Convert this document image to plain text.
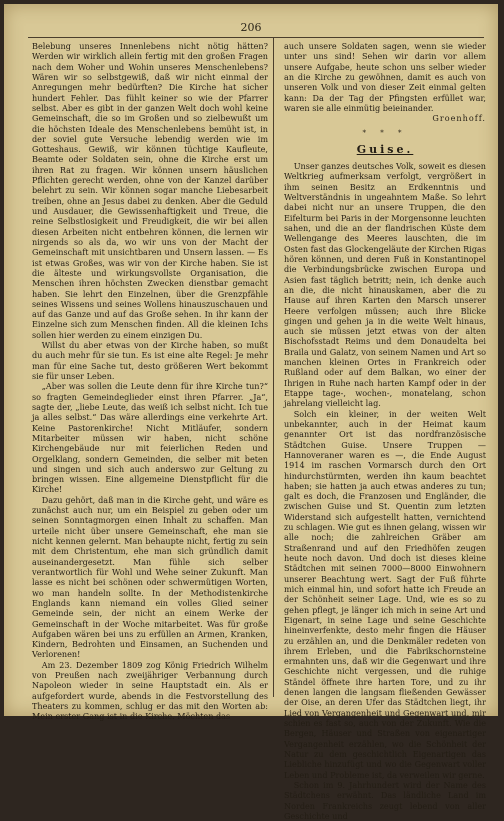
206

Belebung unseres Innenlebens nicht nötig hätten? Werden wir wirklich allein fertig mit den großen Fragen nach dem Woher und Wohin unseres Menschenlebens? Wären wir so selbstgewiß, daß wir nicht einmal der Anregungen mehr bedürften? Die Kirche hat sicher hundert Fehler. Das fühlt keiner so wie der Pfarrer selbst. Aber es gibt in der ganzen Welt doch wohl keine Gemeinschaft, die so im Großen und so zielbewußt um die höchsten Ideale des Menschenlebens bemüht ist, in der soviel gute Versuche lebendig werden wie im Gotteshaus. Gewiß, wir können tüchtige Kaufleute, Beamte oder Soldaten sein, ohne die Kirche erst um ihren Rat zu fragen. Wir können unsern häuslichen Pflichten gerecht werden, ohne von der Kanzel darüber belehrt zu sein. Wir können sogar manche Liebesarbeit treiben, ohne an Jesus dabei zu denken. Aber die Geduld und Ausdauer, die Gewissenhaftigkeit und Treue, die reine Selbstlosigkeit und Freudigkeit, die wir bei allen diesen Arbeiten nicht entbehren können, die lernen wir nirgends so als da, wo wir uns von der Macht der Gemeinschaft mit unsichtbaren und Unsern lassen. — Es ist etwas Großes, was wir von der Kirche haben. Sie ist die älteste und wirkungsvollste Organisation, die Menschen ihren höchsten Zwecken dienstbar gemacht haben. Sie lehrt den Einzelnen, über die Grenzpfähle seines Wissens und seines Wollens hinauszuschauen und auf das Ganze und auf das Große sehen. In ihr kann der Einzelne sich zum Menschen finden. All die kleinen Ichs sollen hier werden zu einem einzigen Du.

Willst du aber etwas von der Kirche haben, so mußt du auch mehr für sie tun. Es ist eine alte Regel: Je mehr man für eine Sache tut, desto größeren Wert bekommt sie für unser Leben.

„Aber was sollen die Leute denn für ihre Kirche tun?“ so fragten Gemeindeglieder einst ihren Pfarrer. „Ja“, sagte der, „liebe Leute, das weiß ich selbst nicht. Ich tue ja alles selbst.“ Das wäre allerdings eine verkehrte Art. Keine Pastorenkirche! Nicht Mitläufer, sondern Mitarbeiter müssen wir haben, nicht schöne Kirchengebäude nur mit feierlichen Reden und Orgelklang, sondern Gemeinden, die selber mit beten und singen und sich auch anderswo zur Geltung zu bringen wissen. Eine allgemeine Dienstpflicht für die Kirche!

Dazu gehört, daß man in die Kirche geht, und wäre es zunächst auch nur, um ein Beispiel zu geben oder um seinen Sonntagmorgen einen Inhalt zu schaffen. Man urteile nicht über unsere Gemeinschaft, ehe man sie nicht kennen gelernt. Man behaupte nicht, fertig zu sein mit dem Christentum, ehe man sich gründlich damit auseinandergesetzt. Man fühle sich selber verantwortlich für Wohl und Wehe seiner Zukunft. Man lasse es nicht bei schönen oder schwermütigen Worten, wo man handeln sollte. In der Methodistenkirche Englands kann niemand ein volles Glied seiner Gemeinde sein, der nicht an einem Werke der Gemeinschaft in der Woche mitarbeitet. Was für große Aufgaben wären bei uns zu erfüllen an Armen, Kranken, Kindern, Bedrohten und Einsamen, an Suchenden und Verlorenen!

Am 23. Dezember 1809 zog König Friedrich Wilhelm von Preußen nach zweijähriger Verbannung durch Napoleon wieder in seine Hauptstadt ein. Als er aufgefordert wurde, abends in die Festvorstellung des Theaters zu kommen, schlug er das mit den Worten ab: Mein erster Gang ist in die Kirche. Möchten das

auch unsere Soldaten sagen, wenn sie wieder unter uns sind! Sehen wir darin vor allem unsere Aufgabe, heute schon uns selber wieder an die Kirche zu gewöhnen, damit es auch von unseren Volk und von dieser Zeit einmal gelten kann: Da der Tag der Pfingsten erfüllet war, waren sie alle einmütig beieinander.

Groenhoff.

* * *
Guise.

Unser ganzes deutsches Volk, soweit es diesen Weltkrieg aufmerksam verfolgt, vergrößert in ihm seinen Besitz an Erdkenntnis und Weltverständnis in ungeahntem Maße. So lehrt dabei nicht nur an unsere Truppen, die den Eifelturm bei Paris in der Morgensonne leuchten sahen, und die an der flandrischen Küste dem Wellengange des Meeres lauschten, die im Osten fast das Glockengeläute der Kirchen Rigas hören können, und deren Fuß in Konstantinopel die Verbindungsbrücke zwischen Europa und Asien fast täglich betritt; nein, ich denke auch an die, die nicht hinauskamen, aber die zu Hause auf ihren Karten den Marsch unserer Heere verfolgen müssen; auch ihre Blicke gingen und gehen ja in die weite Welt hinaus, auch sie müssen jetzt etwas von der alten Bischofsstadt Reims und dem Donaudelta bei Braila und Galatz, von seinem Namen und Art so manchen kleinen Ortes in Frankreich oder Rußland oder auf dem Balkan, wo einer der Ihrigen in Ruhe nach harten Kampf oder in der Etappe tage-, wochen-, monatelang, schon jahrelang vielleicht lag.

Solch ein kleiner, in der weiten Welt unbekannter, auch in der Heimat kaum genannter Ort ist das nordfranzösische Städtchen Guise. Unsere Truppen — Hannoveraner waren es —, die Ende August 1914 im raschen Vormarsch durch den Ort hindurchstürmten, werden ihn kaum beachtet haben; sie hatten ja auch etwas anderes zu tun; galt es doch, die Franzosen und Engländer, die zwischen Guise und St. Quentin zum letzten Widerstand sich aufgestellt hatten, vernichtend zu schlagen. Wie gut es ihnen gelang, wissen wir alle noch; die zahlreichen Gräber am Straßenrand und auf den Friedhöfen zeugen heute noch davon. Und doch ist dieses kleine Städtchen mit seinen 7000—8000 Einwohnern unserer Beachtung wert. Sagt der Fuß führte mich einmal hin, und sofort hatte ich Freude an der Schönheit seiner Lage. Und, wie es so zu gehen pflegt, je länger ich mich in seine Art und Eigenart, in seine Lage und seine Geschichte hineinverfenkte, desto mehr fingen die Häuser zu erzählen an, und die Denkmäler redeten von ihrem Erleben, und die Fabrikschornsteine ermahnten uns, daß wir die Gegenwart und ihre Geschichte nicht vergessen, und die ruhige Ständel öffnete ihre harten Tore, und zu ihr denen langen die langsam fließenden Gewässer der Oise, an deren Ufer das Städtchen liegt, ihr Lied von Vergangenheit und Gegenwart und, mir schien es fast so, auch von der Zukunft. Wie die Bergen, Häuser und Straßen von eigenartiger Vergangenheit erzählen, wo die Schönheit der Natur zu dem geschichtlich Eigenartigen das Liebliche hinzufügt und wo die Gegenwart voller Leben und Probleme ist, da verweilen wir gerne.

Schon im 9. Jahrhundert wird der Name des Städtchens erwähnt. Das ländliche Land im Norden Frankreichs zeugt lebend von aller Geschichte und
